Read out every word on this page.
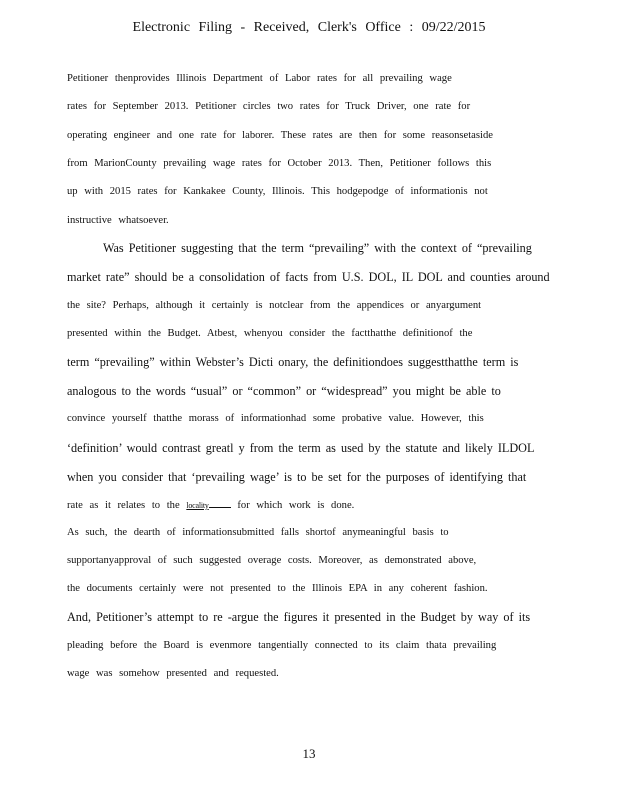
Electronic Filing - Received, Clerk's Office : 09/22/2015
Petitioner thenprovides Illinois Department of Labor rates for all prevailing wage
rates for September 2013. Petitioner circles two rates for Truck Driver, one rate for
operating engineer and one rate for laborer. These rates are then for some reasonsetaside
from MarionCounty prevailing wage rates for October 2013. Then, Petitioner follows this
up with 2015 rates for Kankakee County, Illinois. This hodgepodge of informationis not
instructive whatsoever.
Was Petitioner suggesting that the term “prevailing” with the context of “prevailing
market rate” should be a consolidation of facts from U.S. DOL, IL DOL and counties around
the site? Perhaps, although it certainly is notclear from the appendices or anyargument
presented within the Budget. Atbest, whenyou consider the factthatthe definitionof the
term “prevailing” within Webster’s Dicti onary, the definitiondoes suggestthatthe term is
analogous to the words “usual” or “common” or “widespread” you might be able to
convince yourself thatthe morass of informationhad some probative value. However, this
‘definition’ would contrast greatl y from the term as used by the statute and likely ILDOL
when you consider that ‘prevailing wage’ is to be set for the purposes of identifying that
rate as it relates to the locality	for which work is done.
As such, the dearth of informationsubmitted falls shortof anymeaningful basis to
supportanyapproval of such suggested overage costs. Moreover, as demonstrated above,
the documents certainly were not presented to the Illinois EPA in any coherent fashion.
And, Petitioner’s attempt to re -argue the figures it presented in the Budget by way of its
pleading before the Board is evenmore tangentially connected to its claim thata prevailing
wage was somehow presented and requested.
13
